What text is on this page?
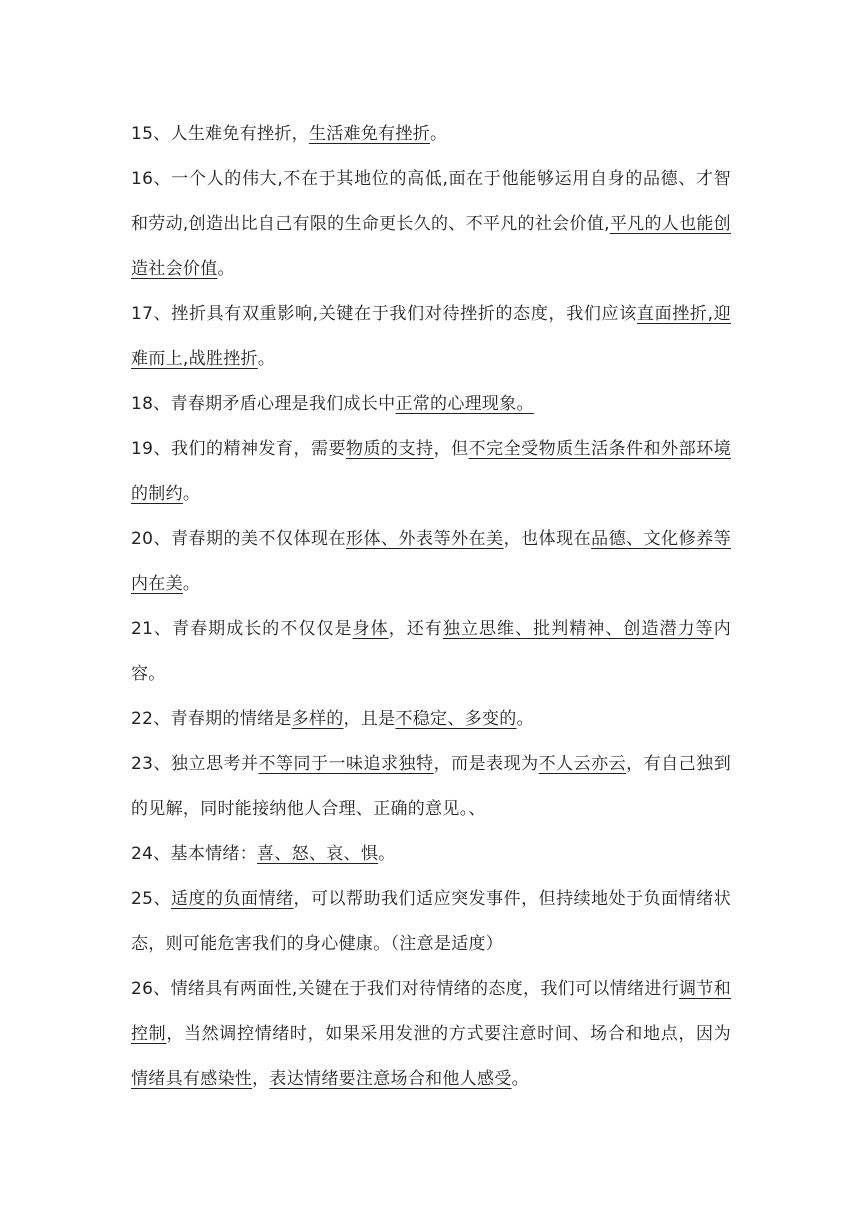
15、人生难免有挫折，生活难免有挫折。

16、一个人的伟大,不在于其地位的高低,面在于他能够运用自身的品德、才智和劳动,创造出比自己有限的生命更长久的、不平凡的社会价值,平凡的人也能创造社会价值。

17、挫折具有双重影响,关键在于我们对待挫折的态度，我们应该直面挫折,迎难而上,战胜挫折。

18、青春期矛盾心理是我们成长中正常的心理现象。

19、我们的精神发育，需要物质的支持，但不完全受物质生活条件和外部环境的制约。

20、青春期的美不仅体现在形体、外表等外在美，也体现在品德、文化修养等内在美。

21、青春期成长的不仅仅是身体，还有独立思维、批判精神、创造潜力等内容。

22、青春期的情绪是多样的，且是不稳定、多变的。

23、独立思考并不等同于一味追求独特，而是表现为不人云亦云，有自己独到的见解，同时能接纳他人合理、正确的意见。、

24、基本情绪：喜、怒、哀、惧。

25、适度的负面情绪，可以帮助我们适应突发事件，但持续地处于负面情绪状态，则可能危害我们的身心健康。（注意是适度）

26、情绪具有两面性,关键在于我们对待情绪的态度，我们可以情绪进行调节和控制，当然调控情绪时，如果采用发泄的方式要注意时间、场合和地点，因为情绪具有感染性，表达情绪要注意场合和他人感受。
